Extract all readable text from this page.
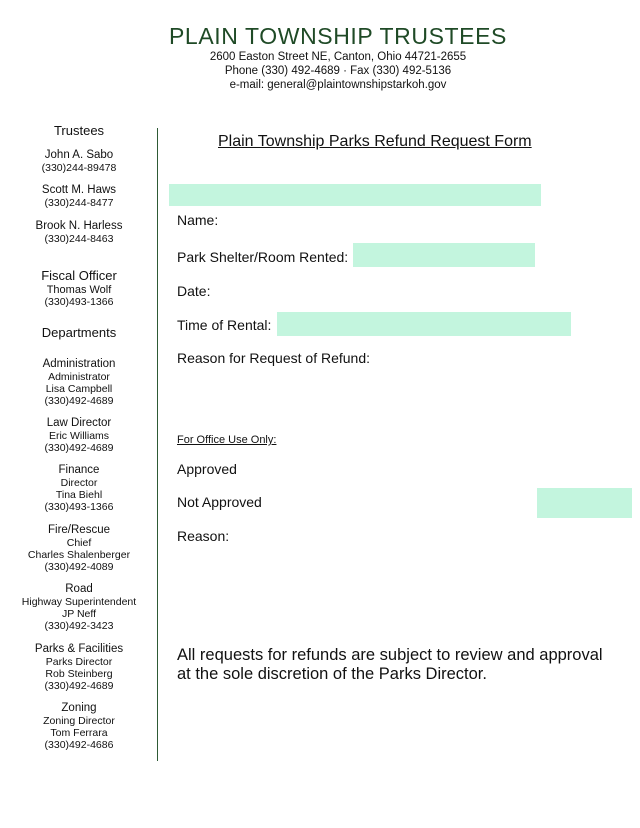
PLAIN TOWNSHIP TRUSTEES
2600 Easton Street NE, Canton, Ohio 44721-2655
Phone (330) 492-4689 · Fax (330) 492-5136
e-mail: general@plaintownshipstarkoh.gov
Trustees
John A. Sabo
(330)244-89478
Scott M. Haws
(330)244-8477
Brook N. Harless
(330)244-8463
Fiscal Officer
Thomas Wolf
(330)493-1366
Departments
Administration
Administrator
Lisa Campbell
(330)492-4689
Law Director
Eric Williams
(330)492-4689
Finance
Director
Tina Biehl
(330)493-1366
Fire/Rescue
Chief
Charles Shalenberger
(330)492-4089
Road
Highway Superintendent
JP Neff
(330)492-3423
Parks & Facilities
Parks Director
Rob Steinberg
(330)492-4689
Zoning
Zoning Director
Tom Ferrara
(330)492-4686
Plain Township Parks Refund Request Form
Name:
Park Shelter/Room Rented:
Date:
Time of Rental:
Reason for Request of Refund:
For Office Use Only:
Approved
Not Approved
Reason:
All requests for refunds are subject to review and approval at the sole discretion of the Parks Director.
